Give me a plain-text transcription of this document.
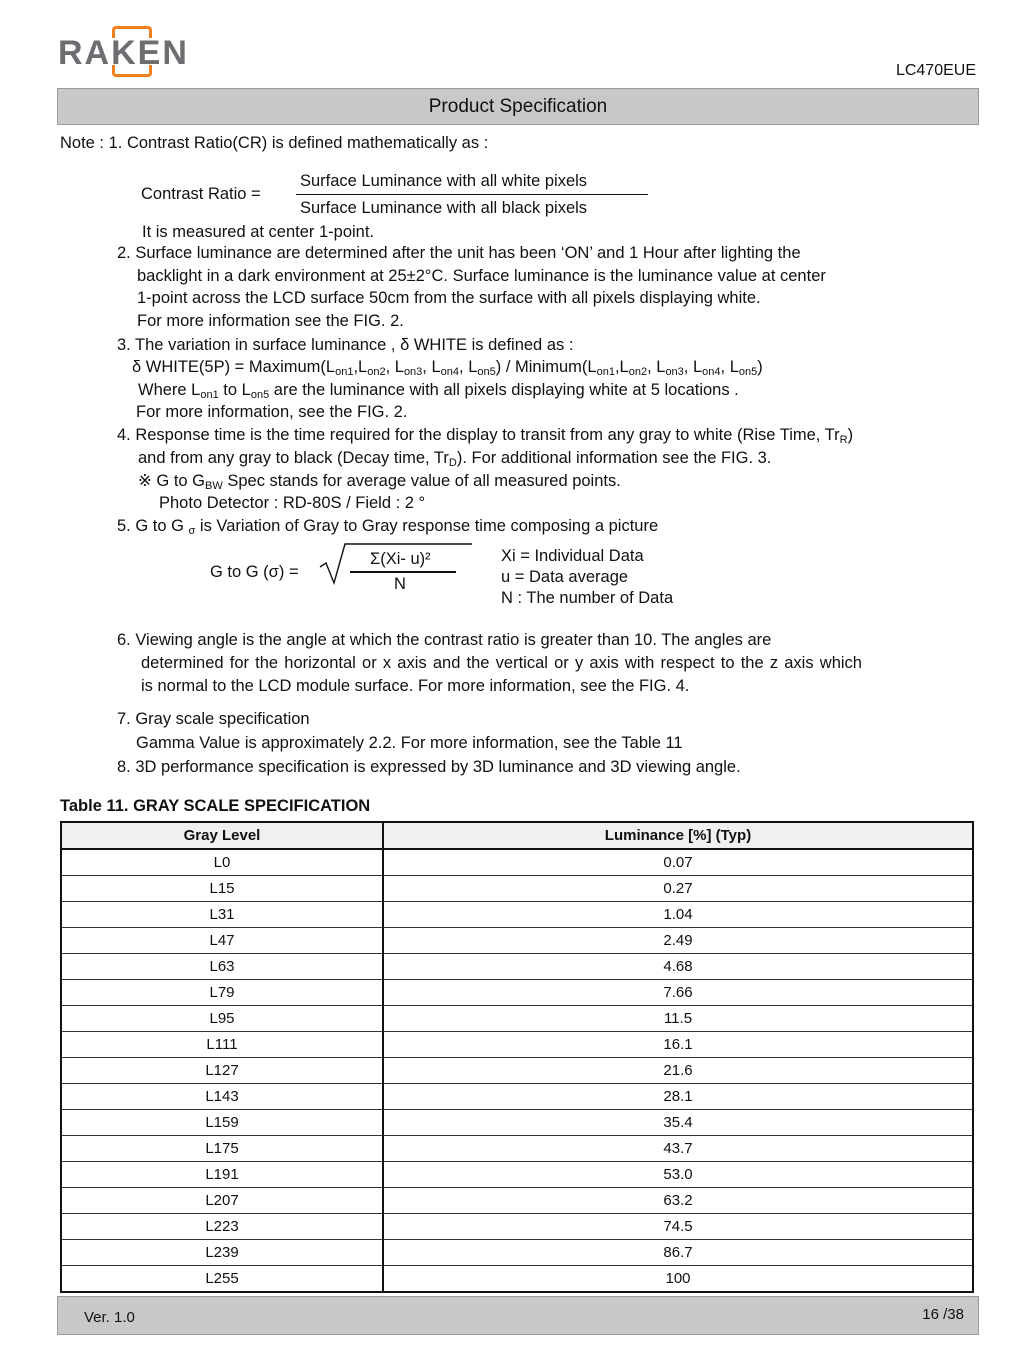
RAKEN	LC470EUE
Product Specification
Note : 1. Contrast Ratio(CR) is defined mathematically as :
Contrast Ratio =
Surface Luminance with all white pixels
Surface Luminance with all black pixels
It is measured at center 1-point.
2. Surface luminance are determined after the unit has been ‘ON’ and 1 Hour after lighting the
backlight in a dark environment at 25±2°C. Surface luminance is the luminance value at center
1-point across the LCD surface 50cm from the surface with all pixels displaying white.
For more information see the FIG. 2.
3. The variation in surface luminance , δ WHITE is defined as :
δ WHITE(5P) = $Maximum(L_{on1},L_{on2}$, $L_{on3}$, $L_{on4}$, $L_{on5}$) / $Minimum(L_{on1},L_{on2}$, $L_{on3}$, $L_{on4}$, $L_{on5}$)
Where $L_{on1}$ to $L_{on5}$ are the luminance with all pixels displaying white at 5 locations .
For more information, see the FIG. 2.
4. Response time is the time required for the display to transit from any gray to white (Rise Time, $Tr_R$)
and from any gray to black (Decay time, $Tr_D$). For additional information see the FIG. 3.
※ G to $G_{BW}$ Spec stands for average value of all measured points.
Photo Detector : RD-80S / Field : 2 °
5. G to G $_\sigma$ is Variation of Gray to Gray response time composing a picture
G to G (σ) =
Σ(Xi- u)²
N
Xi = Individual Data
u = Data average
N : The number of Data
6. Viewing angle is the angle at which the contrast ratio is greater than 10. The angles are
determined for the horizontal or x axis and the vertical or y axis with respect to the z axis which
is normal to the LCD module surface. For more information, see the FIG. 4.
7. Gray scale specification
Gamma Value is approximately 2.2. For more information, see the Table 11
8. 3D performance specification is expressed by 3D luminance and 3D viewing angle.
Table 11. GRAY SCALE SPECIFICATION
Gray Level	Luminance [%] (Typ)
L0	0.07
L15	0.27
L31	1.04
L47	2.49
L63	4.68
L79	7.66
L95	11.5
L111	16.1
L127	21.6
L143	28.1
L159	35.4
L175	43.7
L191	53.0
L207	63.2
L223	74.5
L239	86.7
L255	100
Ver. 1.0	16 /38
